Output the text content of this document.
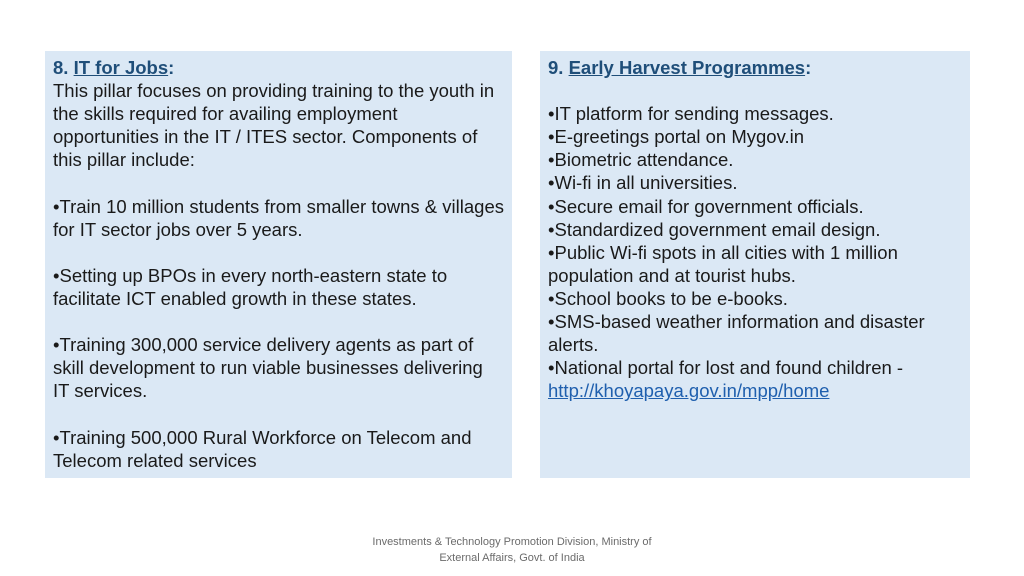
8. IT for Jobs:

This pillar focuses on providing training to the youth in the skills required for availing employment opportunities in the IT / ITES sector. Components of this pillar include:

•Train 10 million students from smaller towns & villages for IT sector jobs over 5 years.

•Setting up BPOs in every north-eastern state to facilitate ICT enabled growth in these states.

•Training 300,000 service delivery agents as part of skill development to run viable businesses delivering IT services.

•Training 500,000 Rural Workforce on Telecom and Telecom related services

9. Early Harvest Programmes:

•IT platform for sending messages.

•E-greetings portal on Mygov.in

•Biometric attendance.

•Wi-fi in all universities.

•Secure email for government officials.

•Standardized government email design.

•Public Wi-fi spots in all cities with 1 million population and at tourist hubs.

•School books to be e-books.

•SMS-based weather information and disaster alerts.

•National portal for lost and found children -

http://khoyapaya.gov.in/mpp/home

Investments & Technology Promotion Division, Ministry of
External Affairs, Govt. of India
